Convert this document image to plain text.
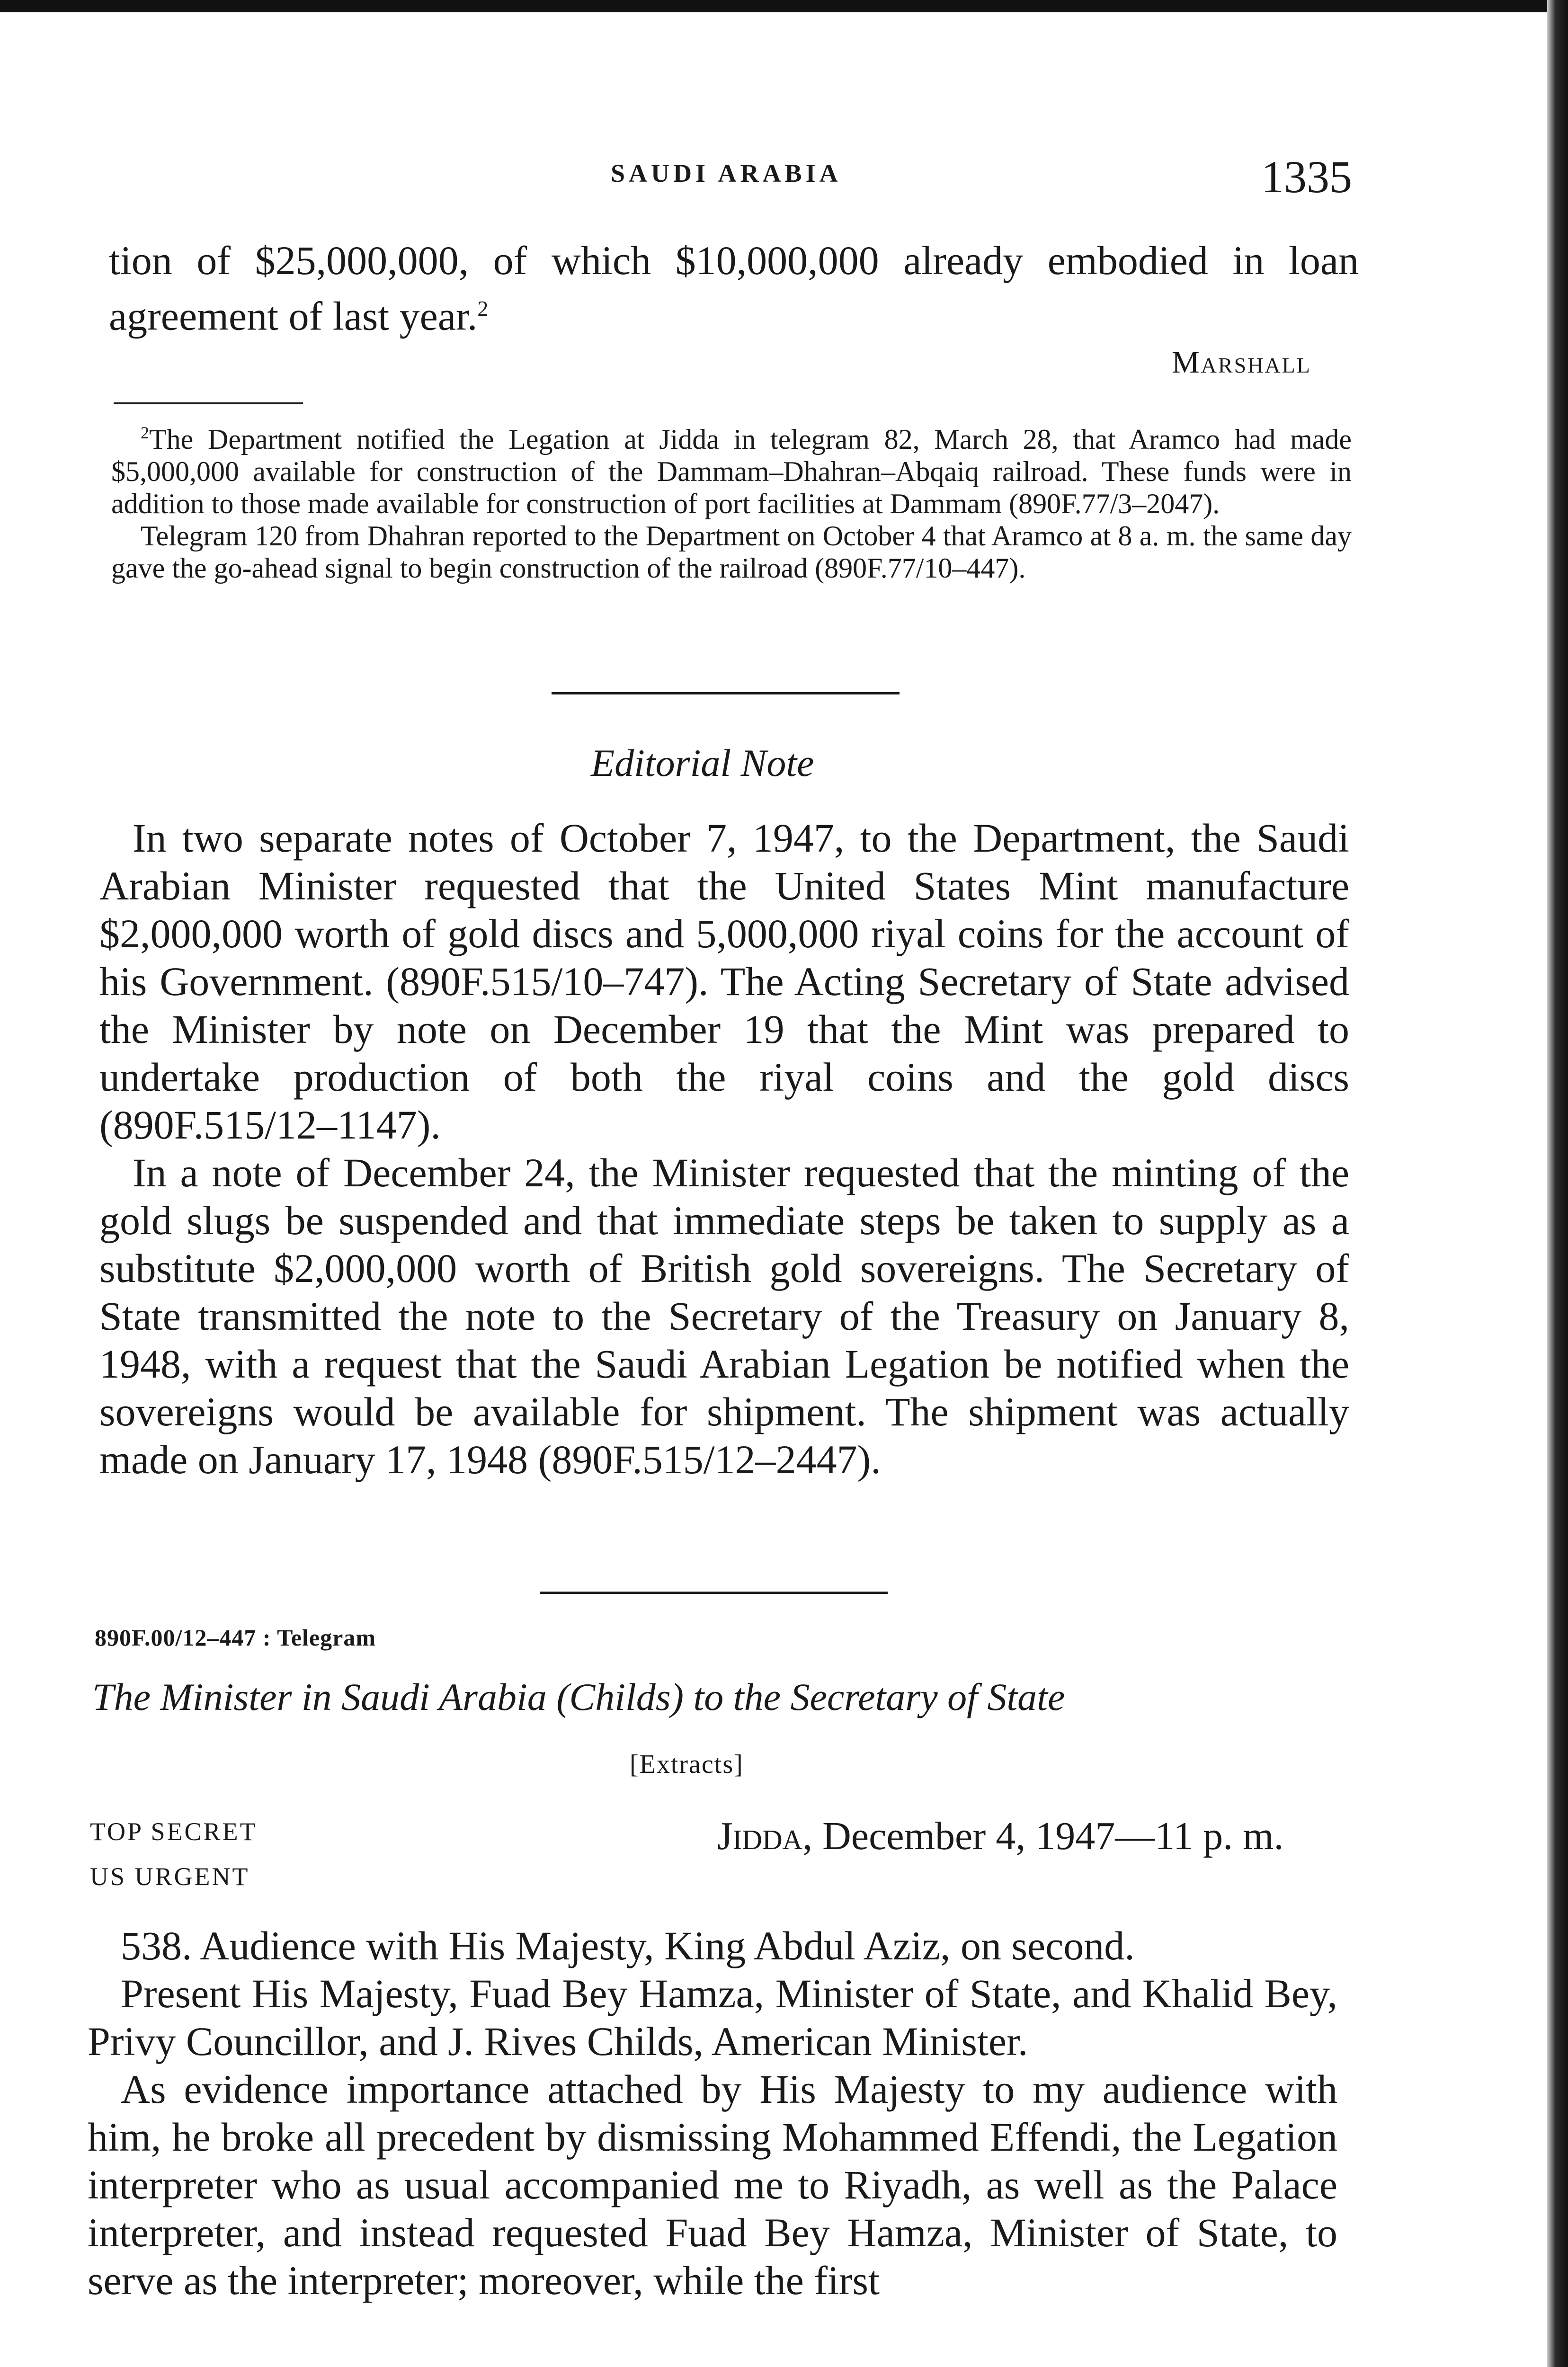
SAUDI ARABIA	1335
tion of $25,000,000, of which $10,000,000 already embodied in loan agreement of last year.$^2$
Marshall

$^2$The Department notified the Legation at Jidda in telegram 82, March 28, that Aramco had made $5,000,000 available for construction of the Dammam–Dhahran–Abqaiq railroad. These funds were in addition to those made available for construction of port facilities at Dammam (890F.77/3–2047).

Telegram 120 from Dhahran reported to the Department on October 4 that Aramco at 8 a. m. the same day gave the go-ahead signal to begin construction of the railroad (890F.77/10–447).

Editorial Note

In two separate notes of October 7, 1947, to the Department, the Saudi Arabian Minister requested that the United States Mint manufacture $2,000,000 worth of gold discs and 5,000,000 riyal coins for the account of his Government. (890F.515/10–747). The Acting Secretary of State advised the Minister by note on December 19 that the Mint was prepared to undertake production of both the riyal coins and the gold discs (890F.515/12–1147).

In a note of December 24, the Minister requested that the minting of the gold slugs be suspended and that immediate steps be taken to supply as a substitute $2,000,000 worth of British gold sovereigns. The Secretary of State transmitted the note to the Secretary of the Treasury on January 8, 1948, with a request that the Saudi Arabian Legation be notified when the sovereigns would be available for shipment. The shipment was actually made on January 17, 1948 (890F.515/12–2447).

890F.00/12–447 : Telegram
The Minister in Saudi Arabia (Childs) to the Secretary of State
[Extracts]
TOP SECRET
US URGENT
Jidda, December 4, 1947—11 p. m.

538. Audience with His Majesty, King Abdul Aziz, on second.

Present His Majesty, Fuad Bey Hamza, Minister of State, and Khalid Bey, Privy Councillor, and J. Rives Childs, American Minister.

As evidence importance attached by His Majesty to my audience with him, he broke all precedent by dismissing Mohammed Effendi, the Legation interpreter who as usual accompanied me to Riyadh, as well as the Palace interpreter, and instead requested Fuad Bey Hamza, Minister of State, to serve as the interpreter; moreover, while the first
